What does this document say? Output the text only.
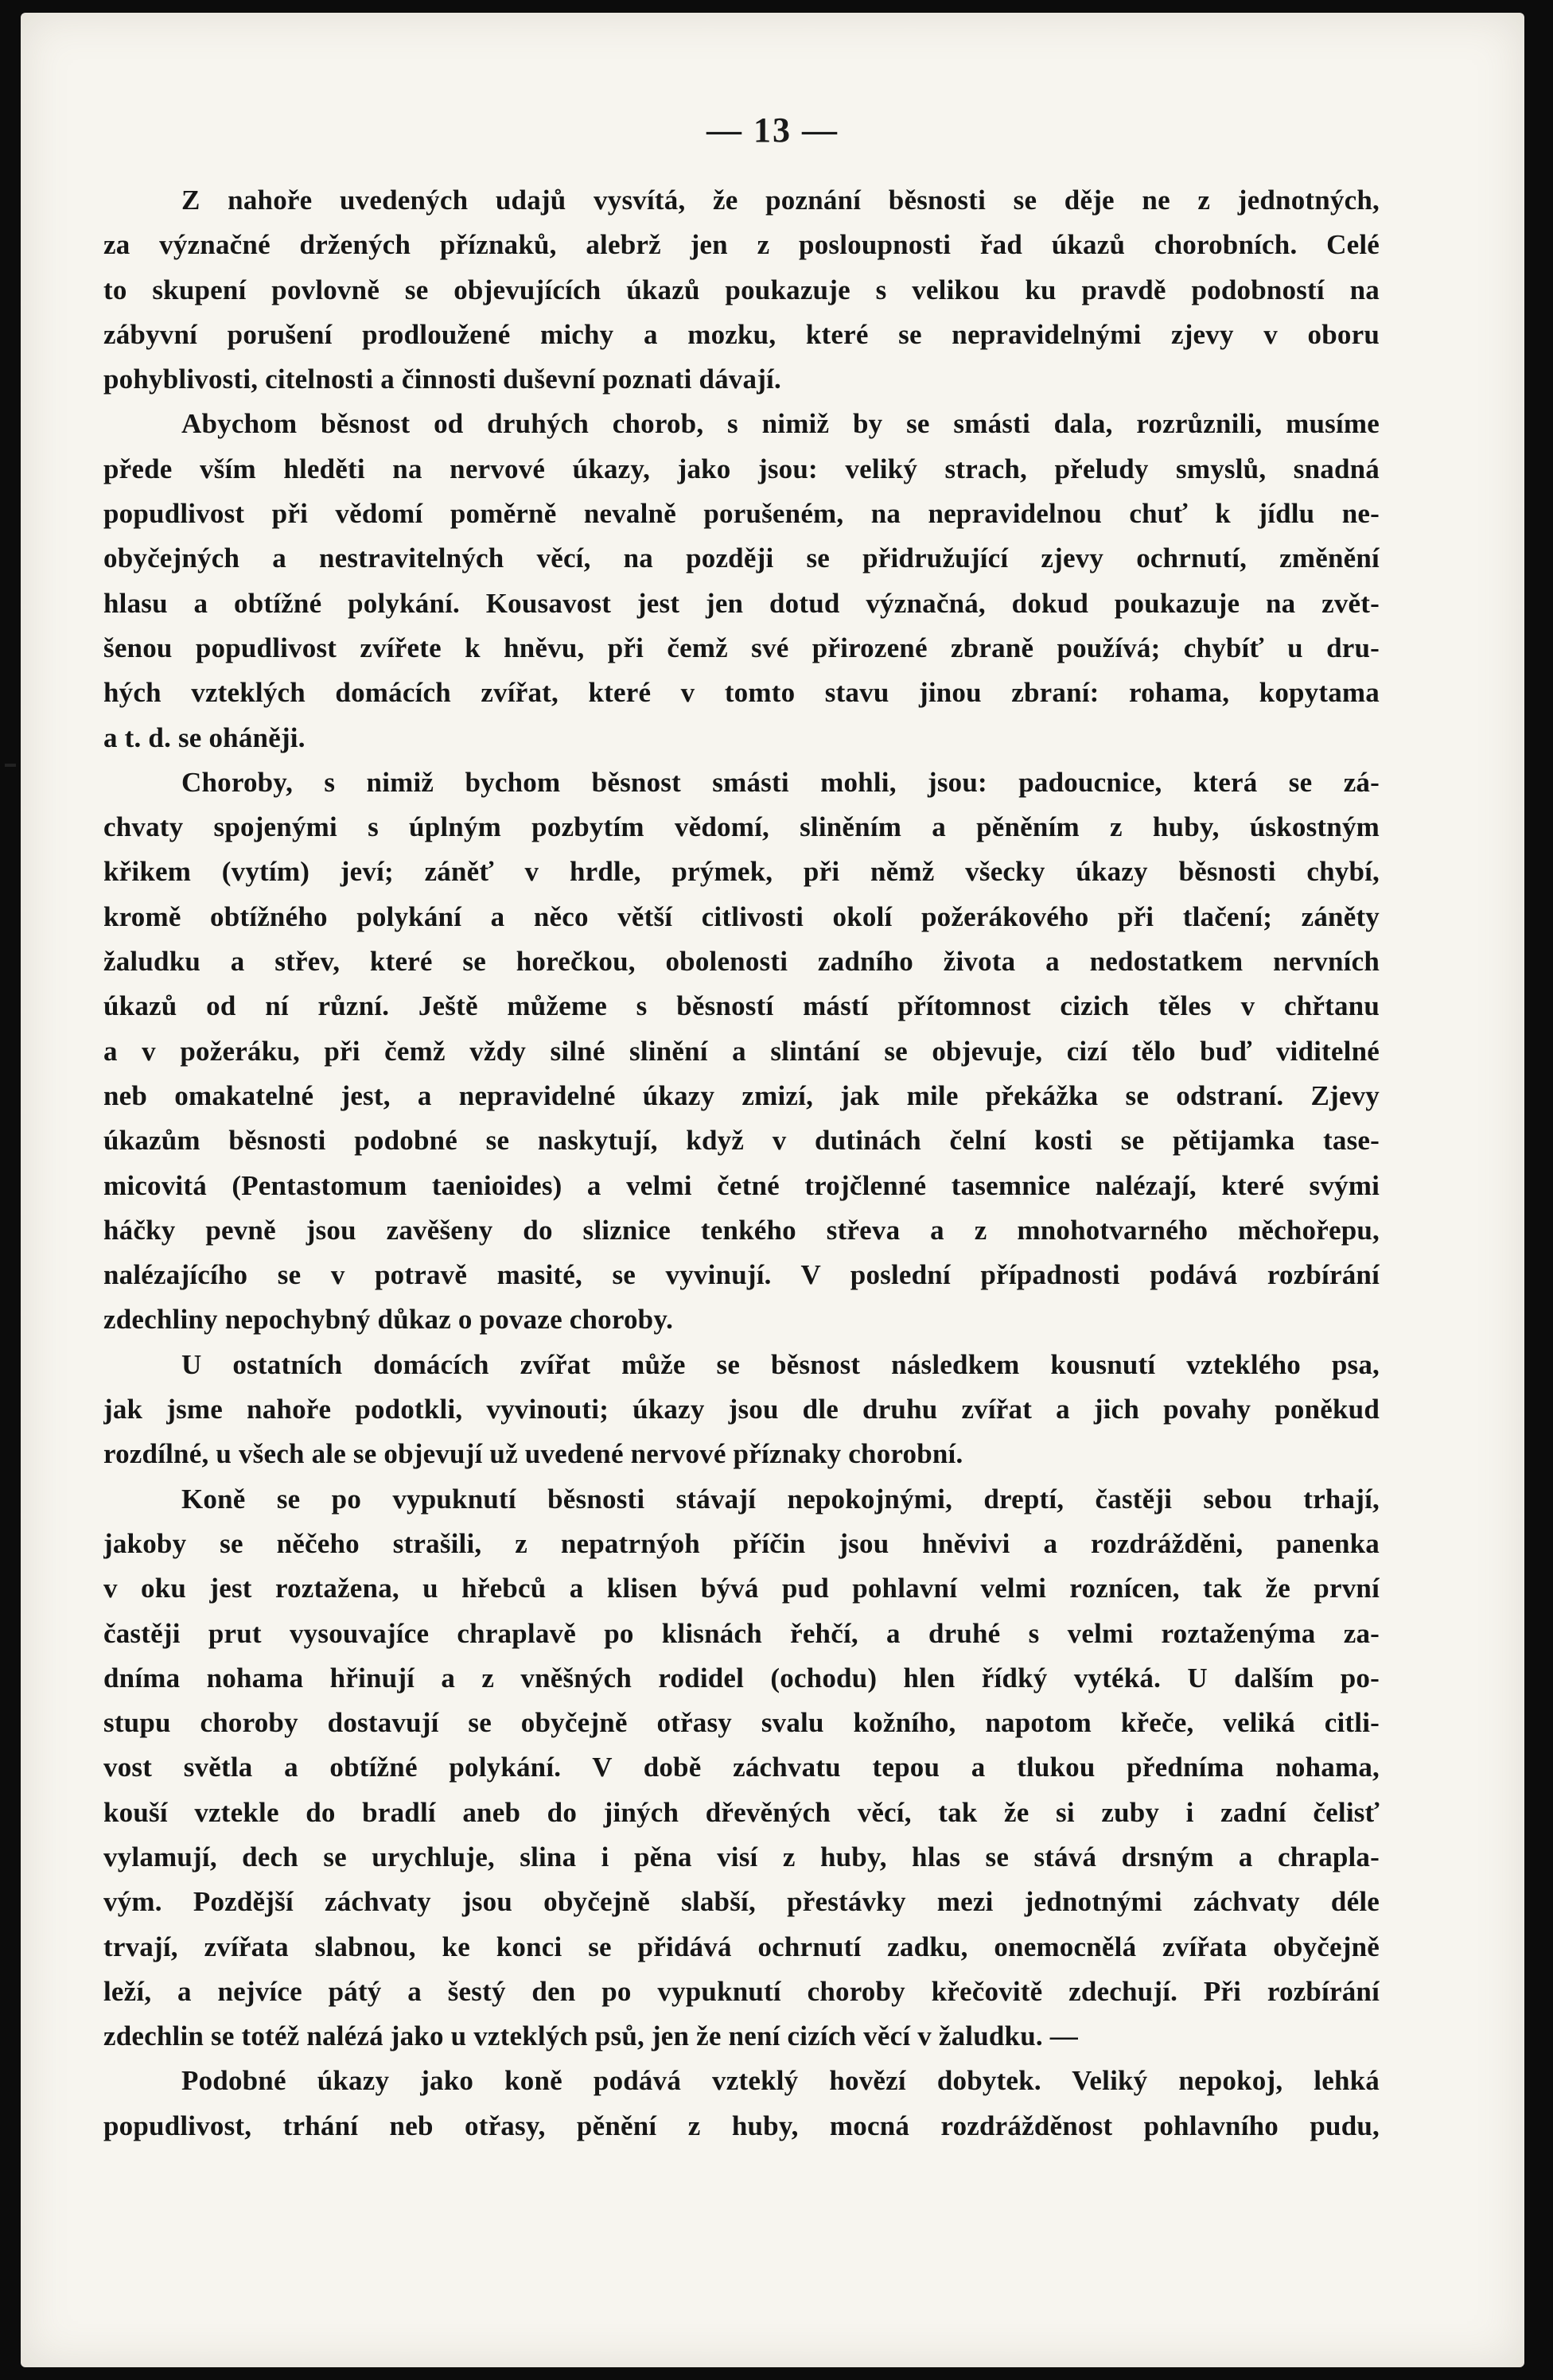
— 13 —
Z nahoře uvedených udajů vysvítá, že poznání běsnosti se děje ne z jednotných,
za význačné držených příznaků, alebrž jen z posloupnosti řad úkazů chorobních. Celé
to skupení povlovně se objevujících úkazů poukazuje s velikou ku pravdě podobností na
zábyvní porušení prodloužené michy a mozku, které se nepravidelnými zjevy v oboru
pohyblivosti, citelnosti a činnosti duševní poznati dávají.
Abychom běsnost od druhých chorob, s nimiž by se smásti dala, rozrůznili, musíme
přede vším hleděti na nervové úkazy, jako jsou: veliký strach, přeludy smyslů, snadná
popudlivost při vědomí poměrně nevalně porušeném, na nepravidelnou chuť k jídlu ne-
obyčejných a nestravitelných věcí, na později se přidružující zjevy ochrnutí, změnění
hlasu a obtížné polykání. Kousavost jest jen dotud význačná, dokud poukazuje na zvět-
šenou popudlivost zvířete k hněvu, při čemž své přirozené zbraně používá; chybíť u dru-
hých vzteklých domácích zvířat, které v tomto stavu jinou zbraní: rohama, kopytama
a t. d. se oháněji.
Choroby, s nimiž bychom běsnost smásti mohli, jsou: padoucnice, která se zá-
chvaty spojenými s úplným pozbytím vědomí, sliněním a pěněním z huby, úskostným
křikem (vytím) jeví; záněť v hrdle, prýmek, při němž všecky úkazy běsnosti chybí,
kromě obtížného polykání a něco větší citlivosti okolí požerákového při tlačení; záněty
žaludku a střev, které se horečkou, obolenosti zadního života a nedostatkem nervních
úkazů od ní různí. Ještě můžeme s běsností mástí přítomnost cizich těles v chřtanu
a v požeráku, při čemž vždy silné slinění a slintání se objevuje, cizí tělo buď viditelné
neb omakatelné jest, a nepravidelné úkazy zmizí, jak mile překážka se odstraní. Zjevy
úkazům běsnosti podobné se naskytují, když v dutinách čelní kosti se pětijamka tase-
micovitá (Pentastomum taenioides) a velmi četné trojčlenné tasemnice nalézají, které svými
háčky pevně jsou zavěšeny do sliznice tenkého střeva a z mnohotvarného měchořepu,
nalézajícího se v potravě masité, se vyvinují. V poslední případnosti podává rozbírání
zdechliny nepochybný důkaz o povaze choroby.
U ostatních domácích zvířat může se běsnost následkem kousnutí vzteklého psa,
jak jsme nahoře podotkli, vyvinouti; úkazy jsou dle druhu zvířat a jich povahy poněkud
rozdílné, u všech ale se objevují už uvedené nervové příznaky chorobní.
Koně se po vypuknutí běsnosti stávají nepokojnými, dreptí, častěji sebou trhají,
jakoby se něčeho strašili, z nepatrnýoh příčin jsou hněvivi a rozdrážděni, panenka
v oku jest roztažena, u hřebců a klisen bývá pud pohlavní velmi roznícen, tak že první
častěji prut vysouvajíce chraplavě po klisnách řehčí, a druhé s velmi roztaženýma za-
dníma nohama hřinují a z vněšných rodidel (ochodu) hlen řídký vytéká. U dalším po-
stupu choroby dostavují se obyčejně otřasy svalu kožního, napotom křeče, veliká citli-
vost světla a obtížné polykání. V době záchvatu tepou a tlukou předníma nohama,
kouší vztekle do bradlí aneb do jiných dřevěných věcí, tak že si zuby i zadní čelisť
vylamují, dech se urychluje, slina i pěna visí z huby, hlas se stává drsným a chrapla-
vým. Pozdější záchvaty jsou obyčejně slabší, přestávky mezi jednotnými záchvaty déle
trvají, zvířata slabnou, ke konci se přidává ochrnutí zadku, onemocnělá zvířata obyčejně
leží, a nejvíce pátý a šestý den po vypuknutí choroby křečovitě zdechují. Při rozbírání
zdechlin se totéž nalézá jako u vzteklých psů, jen že není cizích věcí v žaludku. —
Podobné úkazy jako koně podává vzteklý hovězí dobytek. Veliký nepokoj, lehká
popudlivost, trhání neb otřasy, pěnění z huby, mocná rozdrážděnost pohlavního pudu,
